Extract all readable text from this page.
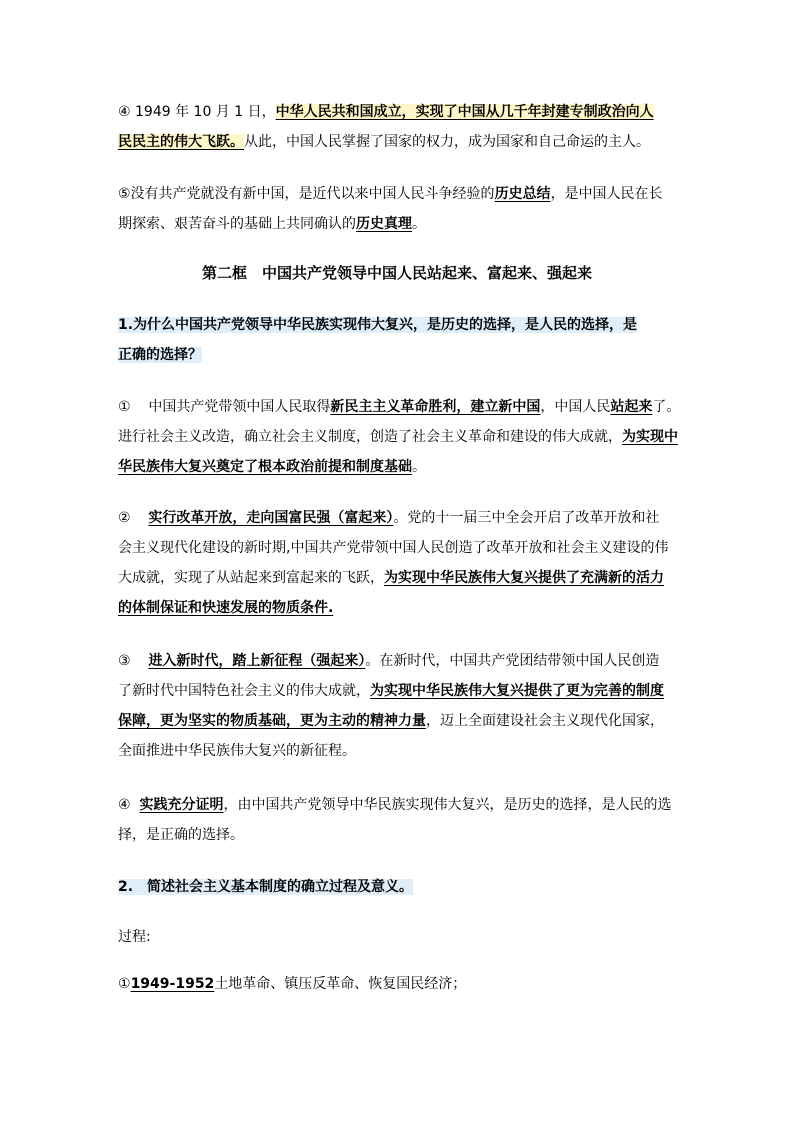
④ 1949 年 10 月 1 日，中华人民共和国成立，实现了中国从几千年封建专制政治向人
民民主的伟大飞跃。从此，中国人民掌握了国家的权力，成为国家和自己命运的主人。
⑤没有共产党就没有新中国，是近代以来中国人民斗争经验的历史总结，是中国人民在长
期探索、艰苦奋斗的基础上共同确认的历史真理。
第二框　中国共产党领导中国人民站起来、富起来、强起来
1.为什么中国共产党领导中华民族实现伟大复兴，是历史的选择，是人民的选择，是
正确的选择？
① 中国共产党带领中国人民取得新民主主义革命胜利，建立新中国，中国人民站起来了。
进行社会主义改造，确立社会主义制度，创造了社会主义革命和建设的伟大成就，为实现中
华民族伟大复兴奠定了根本政治前提和制度基础。
② 实行改革开放，走向国富民强（富起来）。党的十一届三中全会开启了改革开放和社
会主义现代化建设的新时期,中国共产党带领中国人民创造了改革开放和社会主义建设的伟
大成就，实现了从站起来到富起来的飞跃，为实现中华民族伟大复兴提供了充满新的活力
的体制保证和快速发展的物质条件.
③ 进入新时代，踏上新征程（强起来）。在新时代，中国共产党团结带领中国人民创造
了新时代中国特色社会主义的伟大成就，为实现中华民族伟大复兴提供了更为完善的制度
保障，更为坚实的物质基础，更为主动的精神力量，迈上全面建设社会主义现代化国家，
全面推进中华民族伟大复兴的新征程。
④ 实践充分证明，由中国共产党领导中华民族实现伟大复兴，是历史的选择，是人民的选
择，是正确的选择。
2.　简述社会主义基本制度的确立过程及意义。
过程:
①1949-1952土地革命、镇压反革命、恢复国民经济；
